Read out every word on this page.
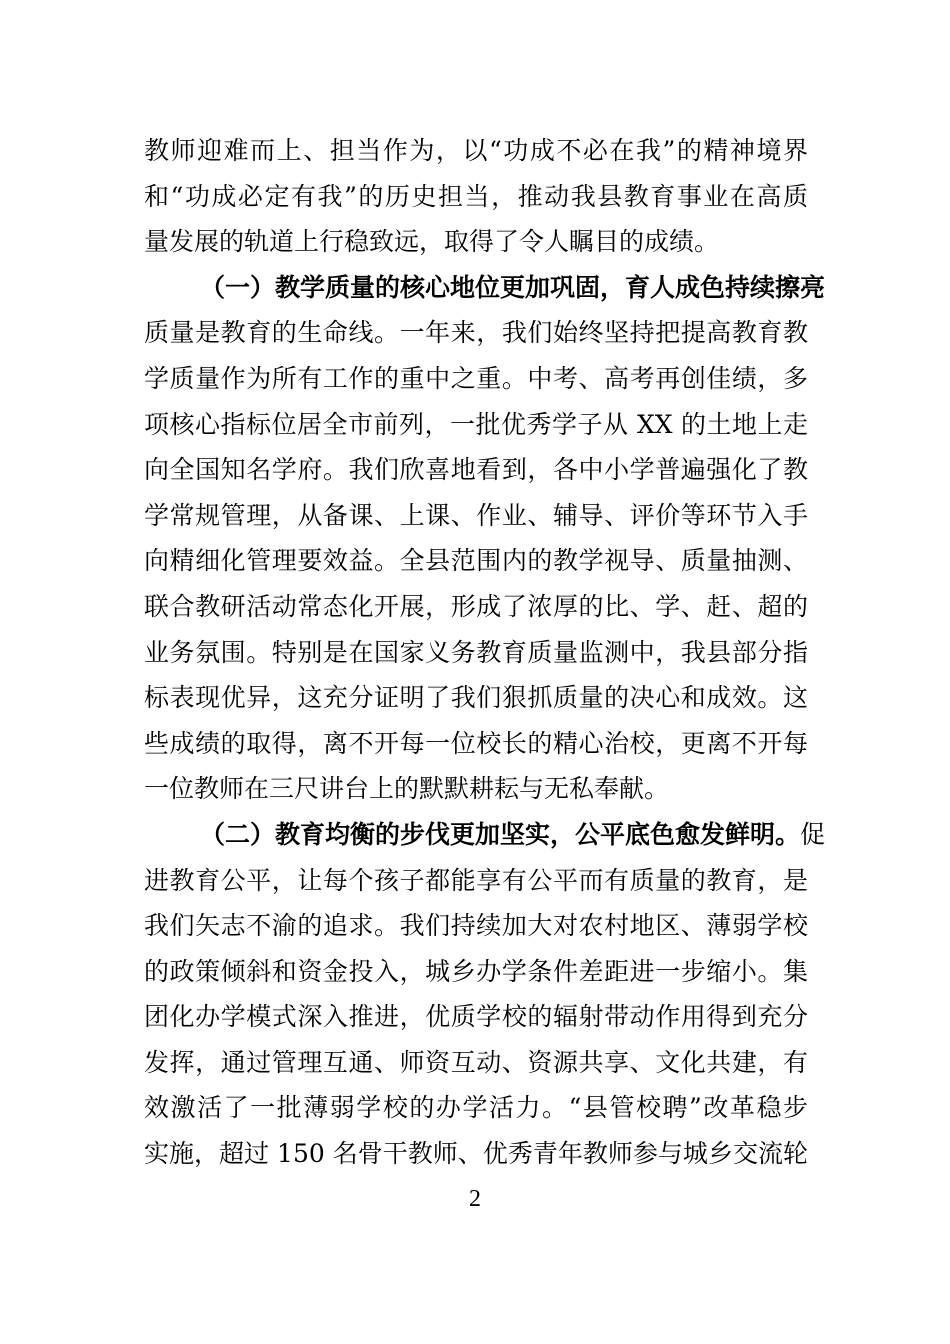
教师迎难而上、担当作为，以“功成不必在我”的精神境界
和“功成必定有我”的历史担当，推动我县教育事业在高质
量发展的轨道上行稳致远，取得了令人瞩目的成绩。
（一）教学质量的核心地位更加巩固，育人成色持续擦亮
质量是教育的生命线。一年来，我们始终坚持把提高教育教
学质量作为所有工作的重中之重。中考、高考再创佳绩，多
项核心指标位居全市前列，一批优秀学子从 XX 的土地上走
向全国知名学府。我们欣喜地看到，各中小学普遍强化了教
学常规管理，从备课、上课、作业、辅导、评价等环节入手
向精细化管理要效益。全县范围内的教学视导、质量抽测、
联合教研活动常态化开展，形成了浓厚的比、学、赶、超的
业务氛围。特别是在国家义务教育质量监测中，我县部分指
标表现优异，这充分证明了我们狠抓质量的决心和成效。这
些成绩的取得，离不开每一位校长的精心治校，更离不开每
一位教师在三尺讲台上的默默耕耘与无私奉献。
（二）教育均衡的步伐更加坚实，公平底色愈发鲜明。促
进教育公平，让每个孩子都能享有公平而有质量的教育，是
我们矢志不渝的追求。我们持续加大对农村地区、薄弱学校
的政策倾斜和资金投入，城乡办学条件差距进一步缩小。集
团化办学模式深入推进，优质学校的辐射带动作用得到充分
发挥，通过管理互通、师资互动、资源共享、文化共建，有
效激活了一批薄弱学校的办学活力。“县管校聘”改革稳步
实施，超过 150 名骨干教师、优秀青年教师参与城乡交流轮
2
